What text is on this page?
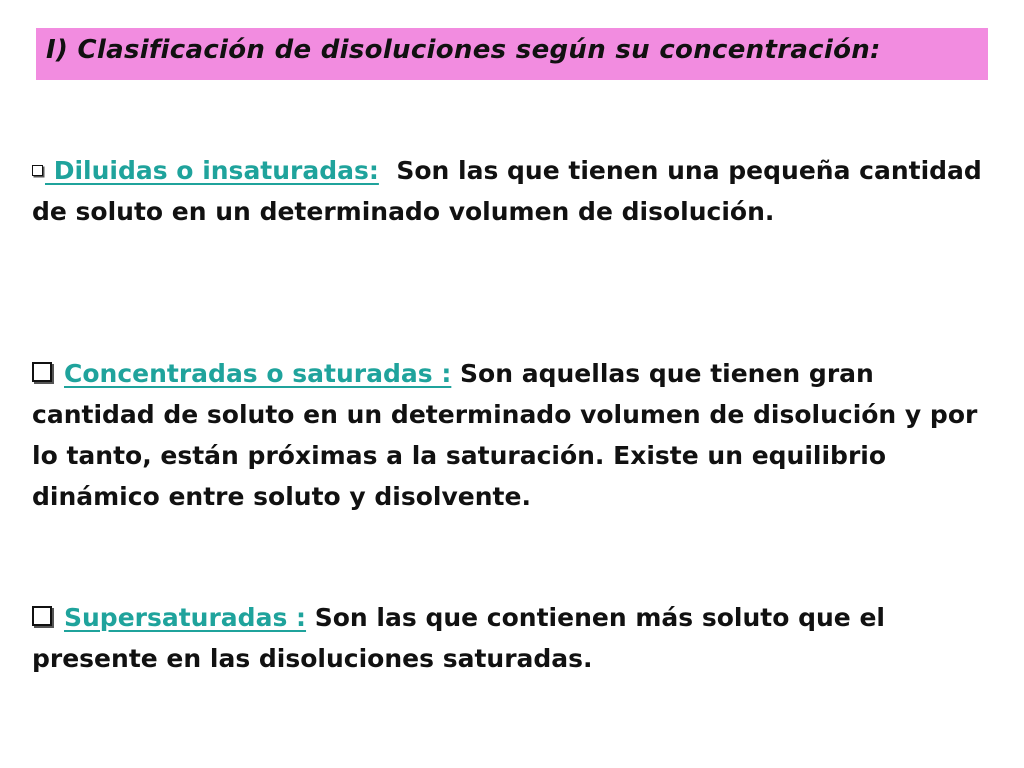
I) Clasificación de disoluciones según su concentración:
Diluidas o insaturadas: Son las que tienen una pequeña cantidad de soluto en un determinado volumen de disolución.
Concentradas o saturadas : Son aquellas que tienen gran cantidad de soluto en un determinado volumen de disolución y por lo tanto, están próximas a la saturación. Existe un equilibrio dinámico entre soluto y disolvente.
Supersaturadas : Son las que contienen más soluto que el presente en las disoluciones saturadas.
